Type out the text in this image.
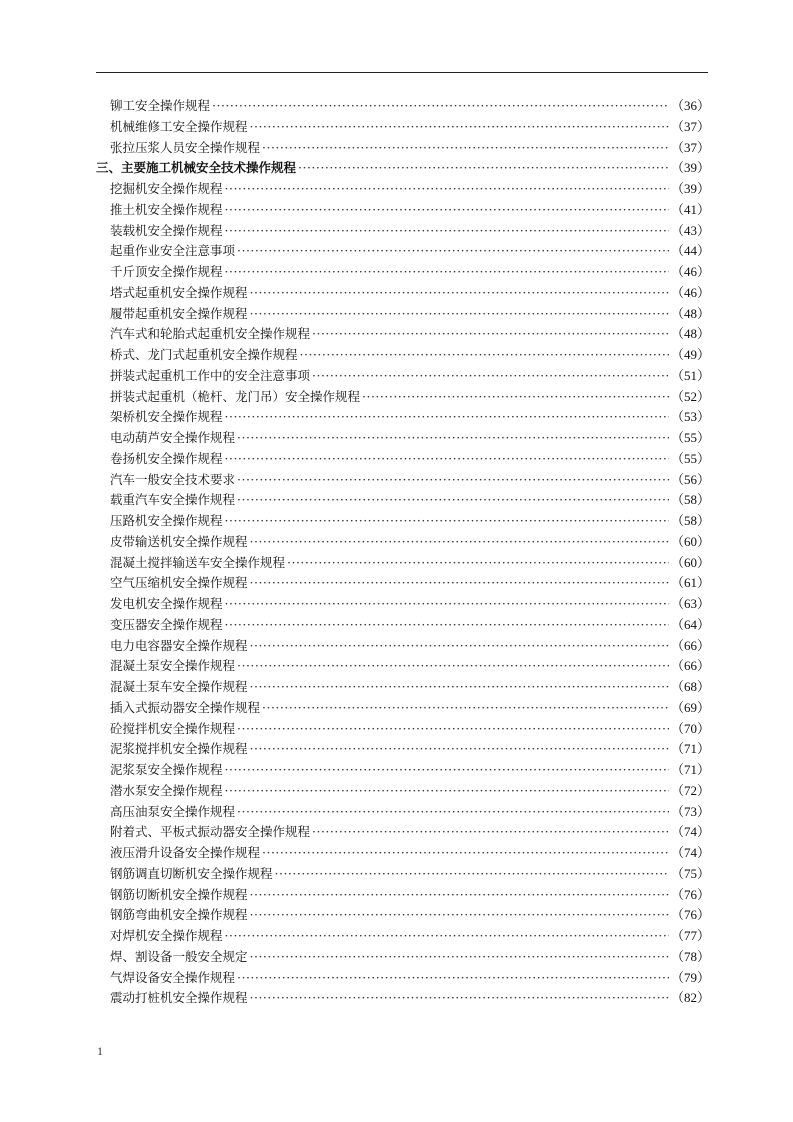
铆工安全操作规程 ·····	（36）
机械维修工安全操作规程 ·····	（37）
张拉压浆人员安全操作规程 ·····	（37）
三、主要施工机械安全技术操作规程 ·····	（39）
挖掘机安全操作规程 ·····	（39）
推土机安全操作规程 ·····	（41）
装载机安全操作规程 ·····	（43）
起重作业安全注意事项 ·····	（44）
千斤顶安全操作规程 ·····	（46）
塔式起重机安全操作规程 ·····	（46）
履带起重机安全操作规程 ·····	（48）
汽车式和轮胎式起重机安全操作规程 ·····	（48）
桥式、龙门式起重机安全操作规程 ·····	（49）
拼装式起重机工作中的安全注意事项 ·····	（51）
拼装式起重机（桅杆、龙门吊）安全操作规程 ·····	（52）
架桥机安全操作规程 ·····	（53）
电动葫芦安全操作规程 ·····	（55）
卷扬机安全操作规程 ·····	（55）
汽车一般安全技术要求 ·····	（56）
载重汽车安全操作规程 ·····	（58）
压路机安全操作规程 ·····	（58）
皮带输送机安全操作规程 ·····	（60）
混凝土搅拌输送车安全操作规程 ·····	（60）
空气压缩机安全操作规程 ·····	（61）
发电机安全操作规程 ·····	（63）
变压器安全操作规程 ·····	（64）
电力电容器安全操作规程 ·····	（66）
混凝土泵安全操作规程 ·····	（66）
混凝土泵车安全操作规程 ·····	（68）
插入式振动器安全操作规程 ·····	（69）
砼搅拌机安全操作规程 ·····	（70）
泥浆搅拌机安全操作规程 ·····	（71）
泥浆泵安全操作规程 ·····	（71）
潜水泵安全操作规程 ·····	（72）
高压油泵安全操作规程 ·····	（73）
附着式、平板式振动器安全操作规程 ·····	（74）
液压滑升设备安全操作规程 ·····	（74）
钢筋调直切断机安全操作规程 ·····	（75）
钢筋切断机安全操作规程 ·····	（76）
钢筋弯曲机安全操作规程 ·····	（76）
对焊机安全操作规程 ·····	（77）
焊、割设备一般安全规定 ·····	（78）
气焊设备安全操作规程 ·····	（79）
震动打桩机安全操作规程 ·····	（82）
1
